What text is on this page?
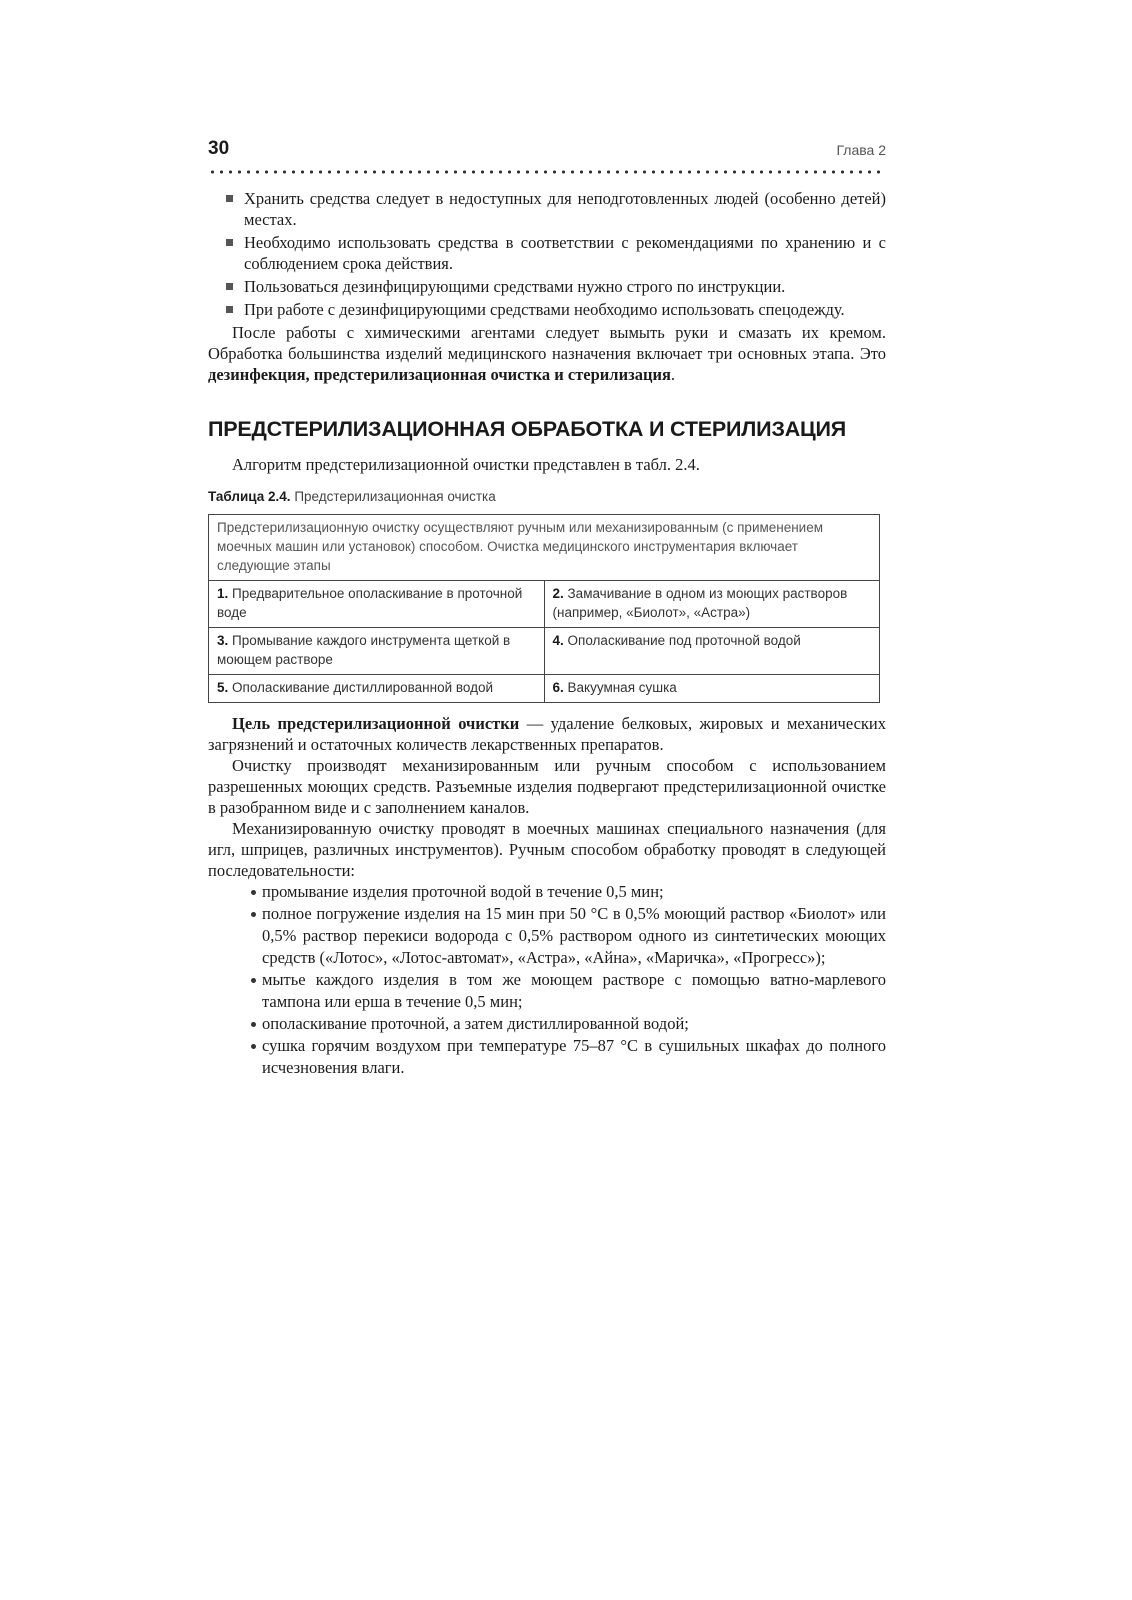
30	Глава 2
Хранить средства следует в недоступных для неподготовленных людей (особенно детей) местах.
Необходимо использовать средства в соответствии с рекомендациями по хранению и с соблюдением срока действия.
Пользоваться дезинфицирующими средствами нужно строго по инструкции.
При работе с дезинфицирующими средствами необходимо использовать спецодежду.

После работы с химическими агентами следует вымыть руки и смазать их кремом. Обработка большинства изделий медицинского назначения включает три основных этапа. Это дезинфекция, предстерилизационная очистка и стерилизация.

ПРЕДСТЕРИЛИЗАЦИОННАЯ ОБРАБОТКА И СТЕРИЛИЗАЦИЯ

Алгоритм предстерилизационной очистки представлен в табл. 2.4.

Таблица 2.4. Предстерилизационная очистка
Предстерилизационную очистку осуществляют ручным или механизированным (с применением моечных машин или установок) способом. Очистка медицинского инструментария включает следующие этапы	
1. Предварительное ополаскивание в проточной воде	2. Замачивание в одном из моющих растворов (например, «Биолот», «Астра»)
3. Промывание каждого инструмента щеткой в моющем растворе	4. Ополаскивание под проточной водой
5. Ополаскивание дистиллированной водой	6. Вакуумная сушка

Цель предстерилизационной очистки — удаление белковых, жировых и механических загрязнений и остаточных количеств лекарственных препаратов.

Очистку производят механизированным или ручным способом с использованием разрешенных моющих средств. Разъемные изделия подвергают предстерилизационной очистке в разобранном виде и с заполнением каналов.

Механизированную очистку проводят в моечных машинах специального назначения (для игл, шприцев, различных инструментов). Ручным способом обработку проводят в следующей последовательности:

промывание изделия проточной водой в течение 0,5 мин;
полное погружение изделия на 15 мин при 50 °С в 0,5% моющий раствор «Биолот» или 0,5% раствор перекиси водорода с 0,5% раствором одного из синтетических моющих средств («Лотос», «Лотос-автомат», «Астра», «Айна», «Маричка», «Прогресс»);
мытье каждого изделия в том же моющем растворе с помощью ватно-марлевого тампона или ерша в течение 0,5 мин;
ополаскивание проточной, а затем дистиллированной водой;
сушка горячим воздухом при температуре 75–87 °С в сушильных шкафах до полного исчезновения влаги.
